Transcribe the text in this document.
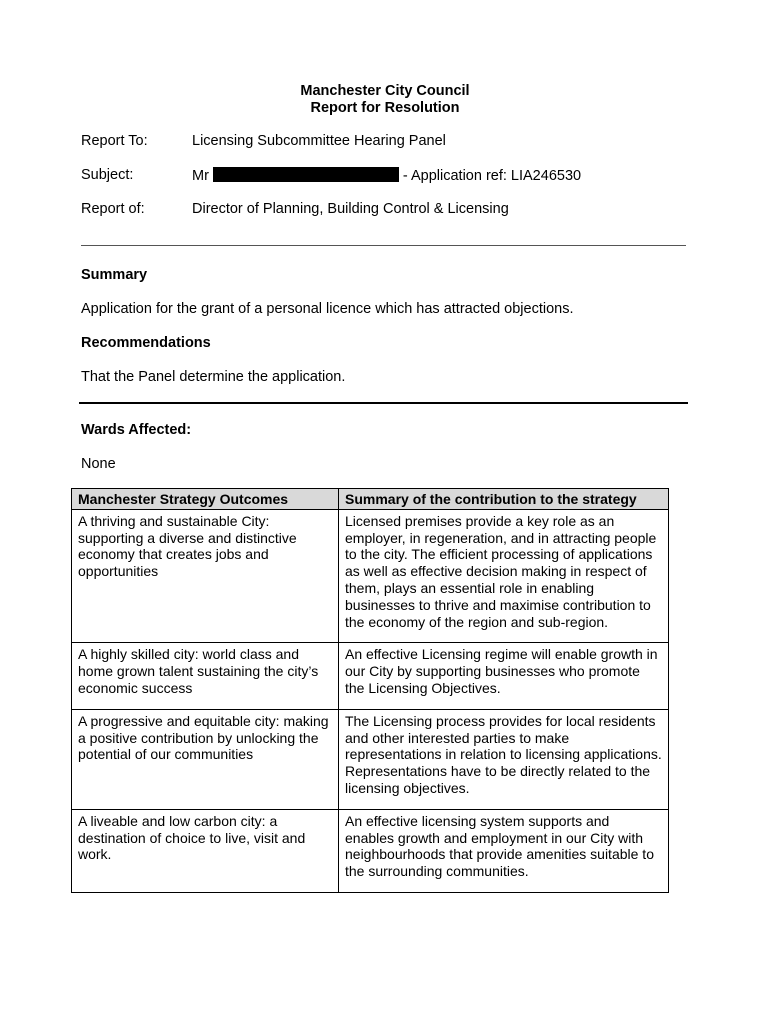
Manchester City Council
Report for Resolution
Report To:	Licensing Subcommittee Hearing Panel
Subject:	Mr	- Application ref: LIA246530
Report of:	Director of Planning, Building Control & Licensing
Summary
Application for the grant of a personal licence which has attracted objections.
Recommendations
That the Panel determine the application.
Wards Affected:
None
Manchester Strategy Outcomes	Summary of the contribution to the strategy
A thriving and sustainable City: supporting a diverse and distinctive economy that creates jobs and opportunities	Licensed premises provide a key role as an employer, in regeneration, and in attracting people to the city. The efficient processing of applications as well as effective decision making in respect of them, plays an essential role in enabling businesses to thrive and maximise contribution to the economy of the region and sub-region.
A highly skilled city: world class and home grown talent sustaining the city’s economic success	An effective Licensing regime will enable growth in our City by supporting businesses who promote the Licensing Objectives.
A progressive and equitable city: making a positive contribution by unlocking the potential of our communities	The Licensing process provides for local residents and other interested parties to make representations in relation to licensing applications. Representations have to be directly related to the licensing objectives.
A liveable and low carbon city: a destination of choice to live, visit and work.	An effective licensing system supports and enables growth and employment in our City with neighbourhoods that provide amenities suitable to the surrounding communities.
